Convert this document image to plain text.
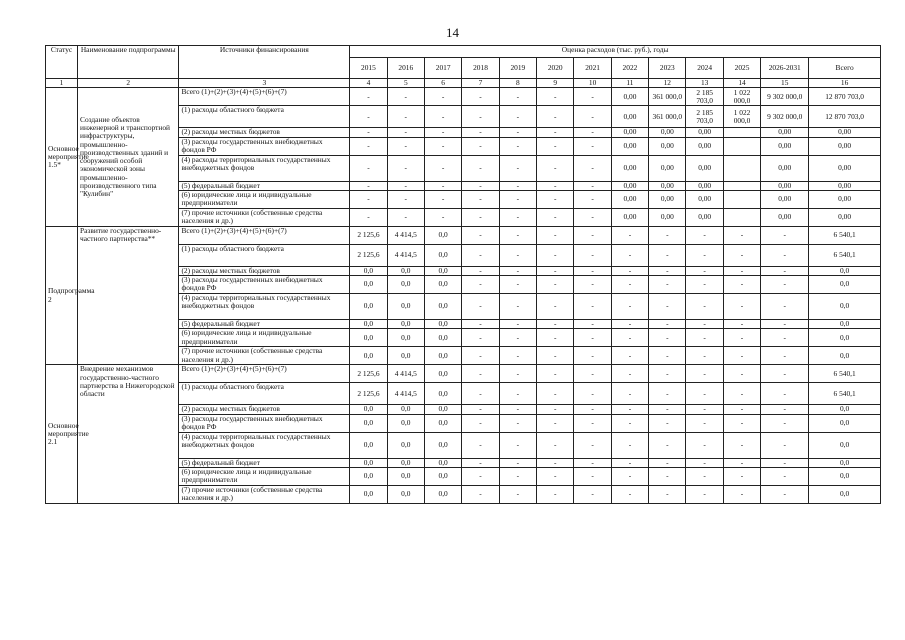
14
Статус	Наименование подпрограммы	Источники финансирования	Оценка расходов (тыс. руб.), годы												
			2015	2016	2017	2018	2019	2020	2021	2022	2023	2024	2025	2026-2031	Всего
1	2	3	4	5	6	7	8	9	10	11	12	13	14	15	16
Основное мероприятие 1.5*	Создание объектов инженерной и транспортной инфраструктуры, промышленно-производственных зданий и сооружений особой экономической зоны промышленно-производственного типа "Кулибин"	Всего (1)+(2)+(3)+(4)+(5)+(6)+(7)	-	-	-	-	-	-	-	0,00	361 000,0	2 185 703,0	1 022 000,0	9 302 000,0	12 870 703,0
		(1) расходы областного бюджета	-	-	-	-	-	-	-	0,00	361 000,0	2 185 703,0	1 022 000,0	9 302 000,0	12 870 703,0
		(2) расходы местных бюджетов	-	-	-	-	-	-	-	0,00	0,00	0,00		0,00	0,00
		(3) расходы государственных внебюджетных фондов РФ	-	-	-	-	-	-	-	0,00	0,00	0,00		0,00	0,00
		(4) расходы территориальных государственных внебюджетных фондов	-	-	-	-	-	-	-	0,00	0,00	0,00		0,00	0,00
		(5) федеральный бюджет	-	-	-	-	-	-	-	0,00	0,00	0,00		0,00	0,00
		(6) юридические лица и индивидуальные предприниматели	-	-	-	-	-	-	-	0,00	0,00	0,00		0,00	0,00
		(7) прочие источники (собственные средства населения и др.)	-	-	-	-	-	-	-	0,00	0,00	0,00		0,00	0,00
Подпрограмма 2	Развитие государственно-частного партнерства**	Всего (1)+(2)+(3)+(4)+(5)+(6)+(7)	2 125,6	4 414,5	0,0	-	-	-	-	-	-	-	-	-	6 540,1
		(1) расходы областного бюджета	2 125,6	4 414,5	0,0	-	-	-	-	-	-	-	-	-	6 540,1
		(2) расходы местных бюджетов	0,0	0,0	0,0	-	-	-	-	-	-	-	-	-	0,0
		(3) расходы государственных внебюджетных фондов РФ	0,0	0,0	0,0	-	-	-	-	-	-	-	-	-	0,0
		(4) расходы территориальных государственных внебюджетных фондов	0,0	0,0	0,0	-	-	-	-	-	-	-	-	-	0,0
		(5) федеральный бюджет	0,0	0,0	0,0	-	-	-	-	-	-	-	-	-	0,0
		(6) юридические лица и индивидуальные предприниматели	0,0	0,0	0,0	-	-	-	-	-	-	-	-	-	0,0
		(7) прочие источники (собственные средства населения и др.)	0,0	0,0	0,0	-	-	-	-	-	-	-	-	-	0,0
Основное мероприятие 2.1	Внедрение механизмов государственно-частного партнерства в Нижегородской области	Всего (1)+(2)+(3)+(4)+(5)+(6)+(7)	2 125,6	4 414,5	0,0	-	-	-	-	-	-	-	-	-	6 540,1
		(1) расходы областного бюджета	2 125,6	4 414,5	0,0	-	-	-	-	-	-	-	-	-	6 540,1
		(2) расходы местных бюджетов	0,0	0,0	0,0	-	-	-	-	-	-	-	-	-	0,0
		(3) расходы государственных внебюджетных фондов РФ	0,0	0,0	0,0	-	-	-	-	-	-	-	-	-	0,0
		(4) расходы территориальных государственных внебюджетных фондов	0,0	0,0	0,0	-	-	-	-	-	-	-	-	-	0,0
		(5) федеральный бюджет	0,0	0,0	0,0	-	-	-	-	-	-	-	-	-	0,0
		(6) юридические лица и индивидуальные предприниматели	0,0	0,0	0,0	-	-	-	-	-	-	-	-	-	0,0
		(7) прочие источники (собственные средства населения и др.)	0,0	0,0	0,0	-	-	-	-	-	-	-	-	-	0,0
